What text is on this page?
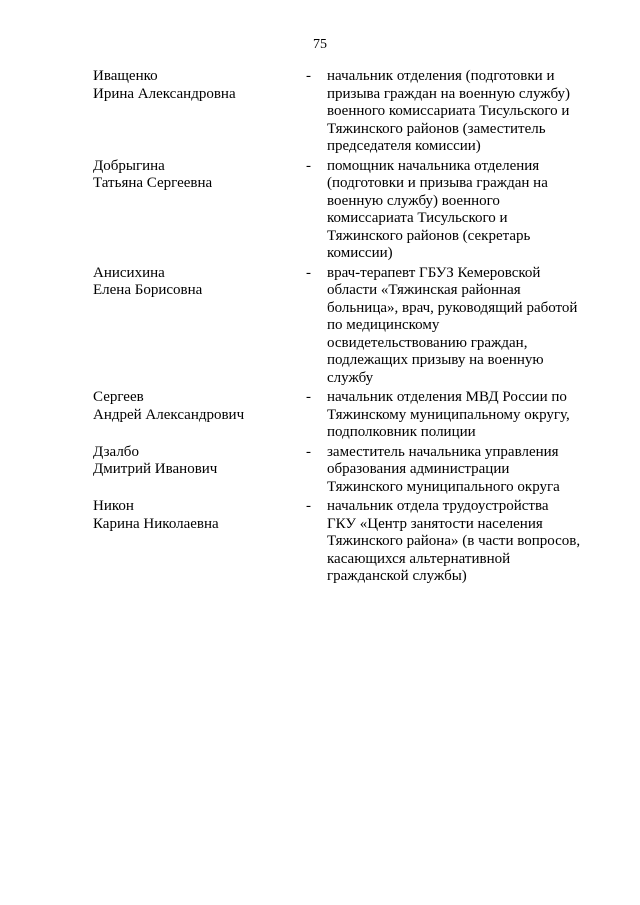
75
Иващенко
Ирина Александровна
-	начальник отделения (подготовки и
призыва граждан на военную службу)
военного комиссариата Тисульского и
Тяжинского районов (заместитель
председателя комиссии)
Добрыгина
Татьяна Сергеевна
-	помощник начальника отделения
(подготовки и призыва граждан на
военную службу) военного
комиссариата Тисульского и
Тяжинского районов (секретарь
комиссии)
Анисихина
Елена Борисовна
-	врач-терапевт ГБУЗ Кемеровской
области «Тяжинская районная
больница», врач, руководящий работой
по медицинскому
освидетельствованию граждан,
подлежащих призыву на военную
службу
Сергеев
Андрей Александрович
-	начальник отделения МВД России по
Тяжинскому муниципальному округу,
подполковник полиции
Дзалбо
Дмитрий Иванович
-	заместитель начальника управления
образования администрации
Тяжинского муниципального округа
Никон
Карина Николаевна
-	начальник отдела трудоустройства
ГКУ «Центр занятости населения
Тяжинского района» (в части вопросов,
касающихся альтернативной
гражданской службы)
